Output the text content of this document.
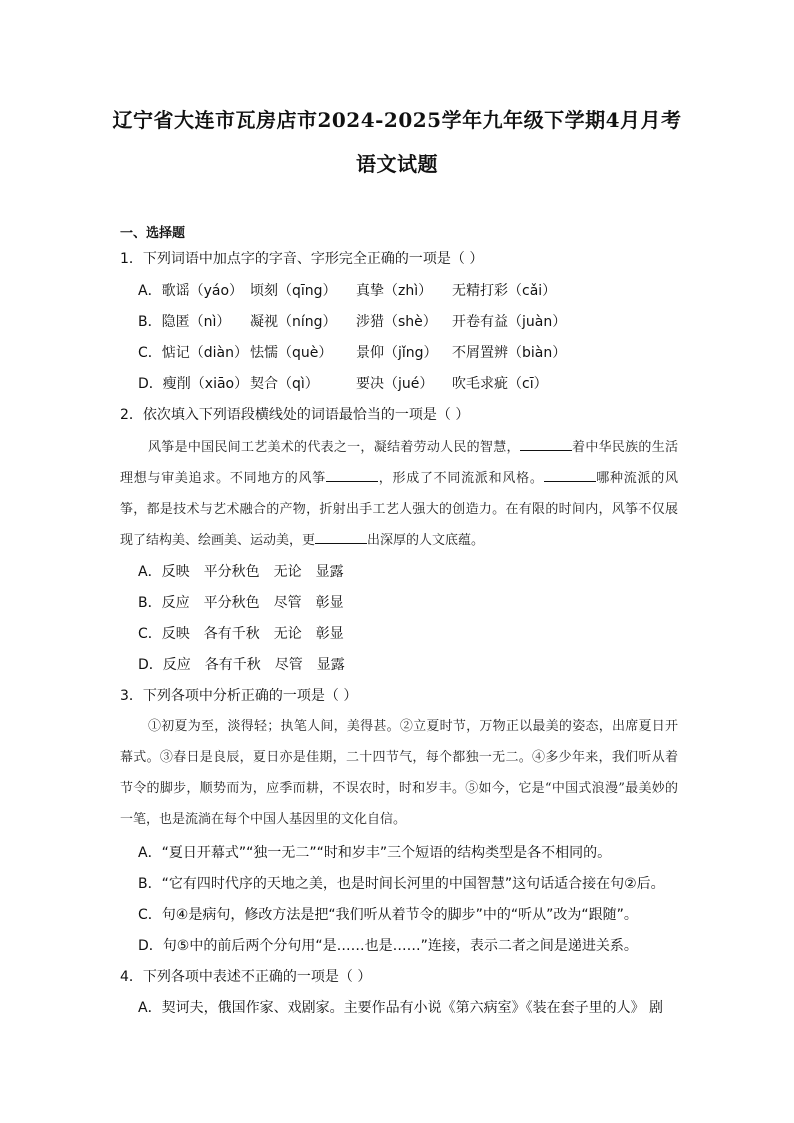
辽宁省大连市瓦房店市2024-2025学年九年级下学期4月月考
语文试题
一、选择题
1．下列词语中加点字的字音、字形完全正确的一项是（ ）
A．歌谣（yáo） 顷刻（qīng） 真挚（zhì） 无精打彩（cǎi）
B．隐匿（nì） 凝视（níng） 涉猎（shè） 开卷有益（juàn）
C．惦记（diàn） 怯懦（què） 景仰（jǐng） 不屑置辨（biàn）
D．瘦削（xiāo） 契合（qì）	要决（jué） 吹毛求疵（cī）
2．依次填入下列语段横线处的词语最恰当的一项是（ ）
风筝是中国民间工艺美术的代表之一，凝结着劳动人民的智慧，	着中华民族的生活理想与审美追求。不同地方的风筝	，形成了不同流派和风格。	哪种流派的风筝，都是技术与艺术融合的产物，折射出手工艺人强大的创造力。在有限的时间内，风筝不仅展现了结构美、绘画美、运动美，更	出深厚的人文底蕴。
A．反映　平分秋色　无论　显露
B．反应　平分秋色　尽管　彰显
C．反映　各有千秋　无论　彰显
D．反应　各有千秋　尽管　显露
3．下列各项中分析正确的一项是（ ）
①初夏为至，淡得轻；执笔人间，美得甚。②立夏时节，万物正以最美的姿态，出席夏日开幕式。③春日是良辰，夏日亦是佳期，二十四节气，每个都独一无二。④多少年来，我们听从着节令的脚步，顺势而为，应季而耕，不误农时，时和岁丰。⑤如今，它是“中国式浪漫”最美妙的一笔，也是流淌在每个中国人基因里的文化自信。
A．“夏日开幕式”“独一无二”“时和岁丰”三个短语的结构类型是各不相同的。
B．“它有四时代序的天地之美，也是时间长河里的中国智慧”这句话适合接在句②后。
C．句④是病句，修改方法是把“我们听从着节令的脚步”中的“听从”改为“跟随”。
D．句⑤中的前后两个分句用“是……也是……”连接，表示二者之间是递进关系。
4．下列各项中表述不正确的一项是（ ）
A．契诃夫，俄国作家、戏剧家。主要作品有小说《第六病室》《装在套子里的人》 剧
